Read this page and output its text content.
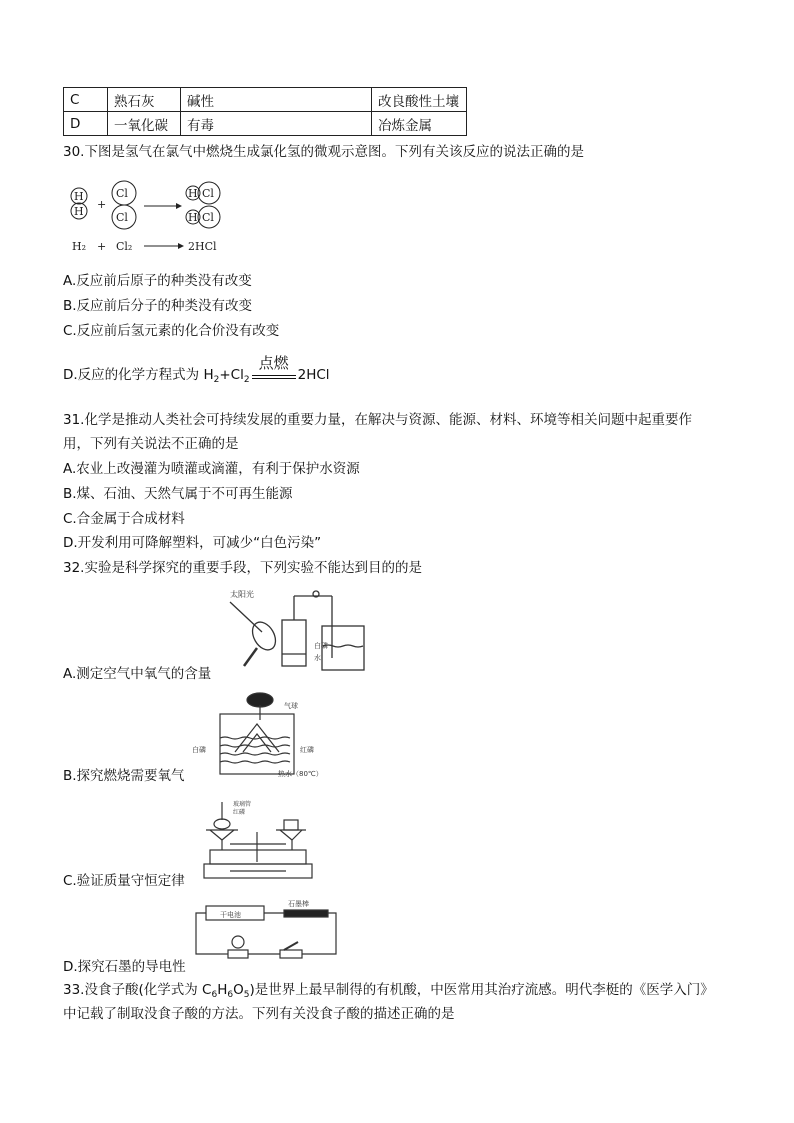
C	熟石灰	碱性	改良酸性土壤
D	一氧化碳	有毒	冶炼金属
30.下图是氢气在氯气中燃烧生成氯化氢的微观示意图。下列有关该反应的说法正确的是
H
H
+
Cl
Cl
H Cl
H Cl
H₂ + Cl₂	2HCl
A.反应前后原子的种类没有改变
B.反应前后分子的种类没有改变
C.反应前后氢元素的化合价没有改变
D.反应的化学方程式为 $H_2+Cl_2$
点燃
2HCl
31.化学是推动人类社会可持续发展的重要力量，在解决与资源、能源、材料、环境等相关问题中起重要作
用，下列有关说法不正确的是
A.农业上改漫灌为喷灌或滴灌，有利于保护水资源
B.煤、石油、天然气属于不可再生能源
C.合金属于合成材料
D.开发利用可降解塑料，可减少“白色污染”
32.实验是科学探究的重要手段，下列实验不能达到目的的是
太阳光
白磷
水
A.测定空气中氧气的含量
气球
白磷	红磷
热水（80℃）
B.探究燃烧需要氧气
玻璃管
红磷
C.验证质量守恒定律
干电池
石墨棒
D.探究石墨的导电性
33.没食子酸(化学式为 $C_6H_6O_5$)是世界上最早制得的有机酸，中医常用其治疗流感。明代李梃的《医学入门》
中记载了制取没食子酸的方法。下列有关没食子酸的描述正确的是
